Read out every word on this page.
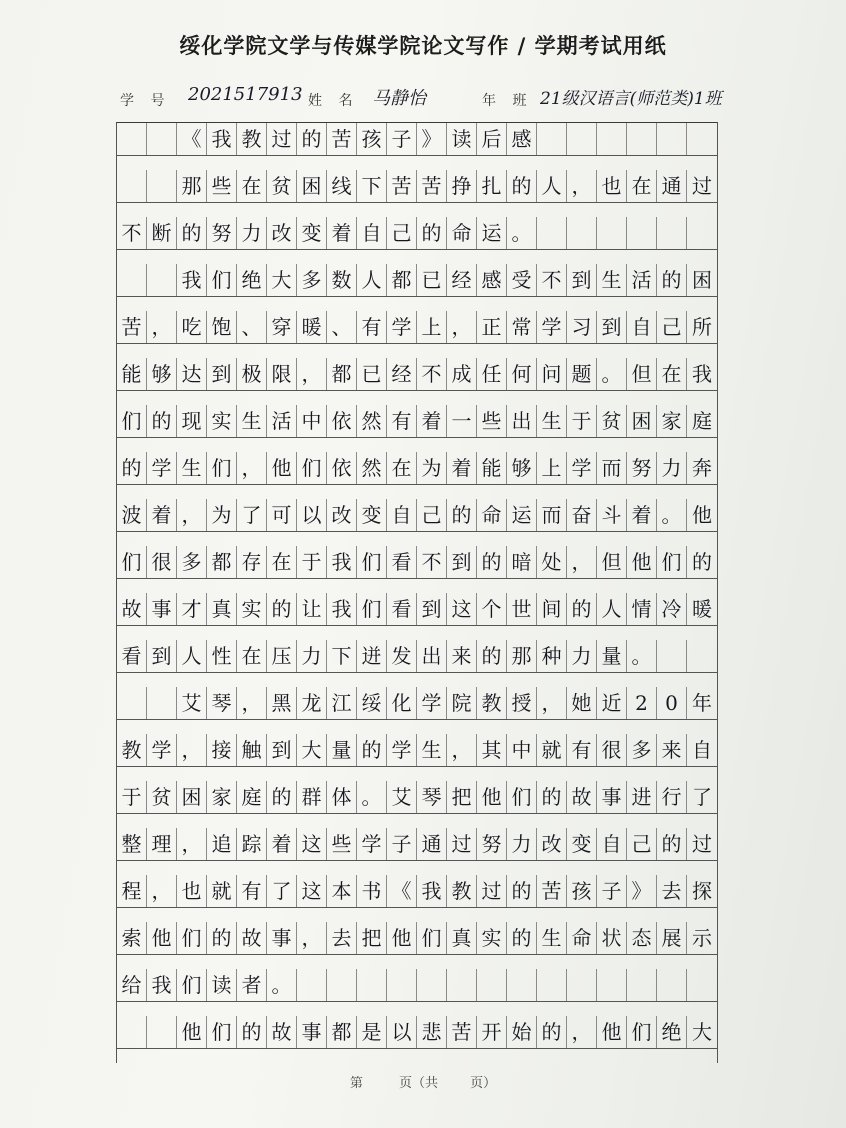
绥化学院文学与传媒学院论文写作 / 学期考试用纸
学 号 2021517913 姓 名 马静怡	年 班 21级汉语言(师范类)1班
《 我 教 过 的 苦 孩 子 》 读 后 感
那 些 在 贫 困 线 下 苦 苦 挣 扎 的 人 ， 也 在 通 过
不 断 的 努 力 改 变 着 自 己 的 命 运 。
我 们 绝 大 多 数 人 都 已 经 感 受 不 到 生 活 的 困
苦 ， 吃 饱 、 穿 暖 、 有 学 上 ， 正 常 学 习 到 自 己 所
能 够 达 到 极 限 ， 都 已 经 不 成 任 何 问 题 。 但 在 我
们 的 现 实 生 活 中 依 然 有 着 一 些 出 生 于 贫 困 家 庭
的 学 生 们 ， 他 们 依 然 在 为 着 能 够 上 学 而 努 力 奔
波 着 ， 为 了 可 以 改 变 自 己 的 命 运 而 奋 斗 着 。 他
们 很 多 都 存 在 于 我 们 看 不 到 的 暗 处 ， 但 他 们 的
故 事 才 真 实 的 让 我 们 看 到 这 个 世 间 的 人 情 冷 暖
看 到 人 性 在 压 力 下 迸 发 出 来 的 那 种 力 量 。
艾 琴 ， 黑 龙 江 绥 化 学 院 教 授 ， 她 近 2 0 年
教 学 ， 接 触 到 大 量 的 学 生 ， 其 中 就 有 很 多 来 自
于 贫 困 家 庭 的 群 体 。 艾 琴 把 他 们 的 故 事 进 行 了
整 理 ， 追 踪 着 这 些 学 子 通 过 努 力 改 变 自 己 的 过
程 ， 也 就 有 了 这 本 书 《 我 教 过 的 苦 孩 子 》 去 探
索 他 们 的 故 事 ， 去 把 他 们 真 实 的 生 命 状 态 展 示
给 我 们 读 者 。
他 们 的 故 事 都 是 以 悲 苦 开 始 的 ， 他 们 绝 大
第	页（共 页）
